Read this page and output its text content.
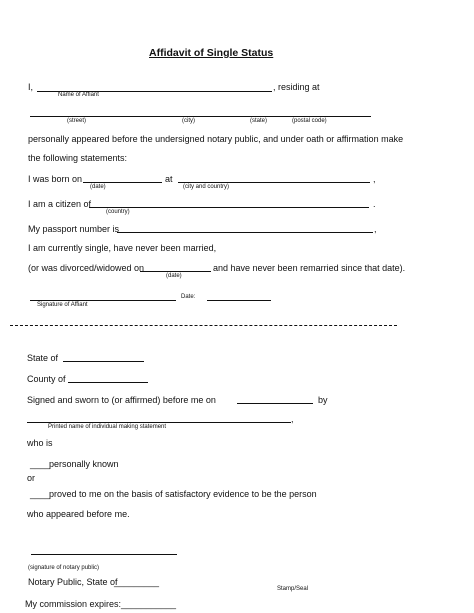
Affidavit of Single Status
I,	, residing at
Name of Affiant
(street)	(city)	(state)	(postal code)
personally appeared before the undersigned notary public, and under oath or affirmation make
the following statements:
I was born on	at	,
(date)	(city and country)
I am a citizen of	.
(country)
My passport number is	,
I am currently single, have never been married,
(or was divorced/widowed on	and have never been remarried since that date).
(date)
Date:
Signature of Affiant
State of
County of
Signed and sworn to (or affirmed) before me on	by
,
Printed name of individual making statement
who is
____
personally known
or
____
proved to me on the basis of satisfactory evidence to be the person
who appeared before me.
(signature of notary public)
Notary Public, State of
_________
Stamp/Seal
My commission expires: ___________
